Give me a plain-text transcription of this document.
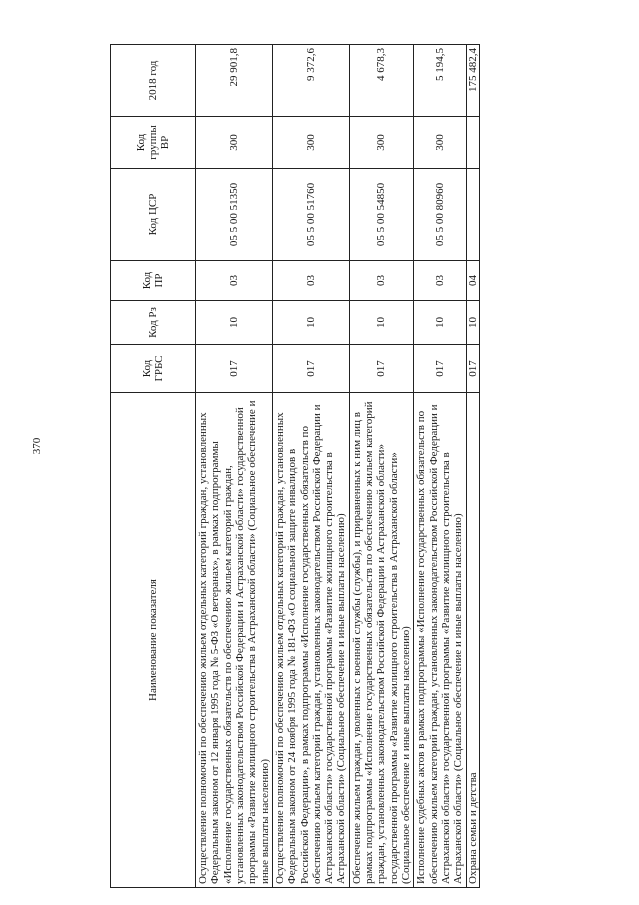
370
Наименование показателя	Код ГРБС	Код Рз	Код ПР	Код ЦСР	Код группы ВР	2018 год
Осуществление полномочий по обеспечению жильем отдельных категорий граждан, установленных Федеральным законом от 12 января 1995 года № 5-ФЗ «О ветеранах», в рамках подпрограммы «Исполнение государственных обязательств по обеспечению жильем категорий граждан, установленных законодательством Российской Федерации и Астраханской области» государственной программы «Развитие жилищного строительства в Астраханской области» (Социальное обеспечение и иные выплаты населению)	017	10	03	05 5 00 51350	300	29 901,8
Осуществление полномочий по обеспечению жильем отдельных категорий граждан, установленных Федеральным законом от 24 ноября 1995 года № 181-ФЗ «О социальной защите инвалидов в Российской Федерации», в рамках подпрограммы «Исполнение государственных обязательств по обеспечению жильем категорий граждан, установленных законодательством Российской Федерации и Астраханской области» государственной программы «Развитие жилищного строительства в Астраханской области» (Социальное обеспечение и иные выплаты населению)	017	10	03	05 5 00 51760	300	9 372,6
Обеспечение жильем граждан, уволенных с военной службы (службы), и приравненных к ним лиц в рамках подпрограммы «Исполнение государственных обязательств по обеспечению жильем категорий граждан, установленных законодательством Российской Федерации и Астраханской области» государственной программы «Развитие жилищного строительства в Астраханской области» (Социальное обеспечение и иные выплаты населению)	017	10	03	05 5 00 54850	300	4 678,3
Исполнение судебных актов в рамках подпрограммы «Исполнение государственных обязательств по обеспечению жильем категорий граждан, установленных законодательством Российской Федерации и Астраханской области» государственной программы «Развитие жилищного строительства в Астраханской области» (Социальное обеспечение и иные выплаты населению)	017	10	03	05 5 00 80960	300	5 194,5
Охрана семьи и детства	017	10	04			175 482,4
